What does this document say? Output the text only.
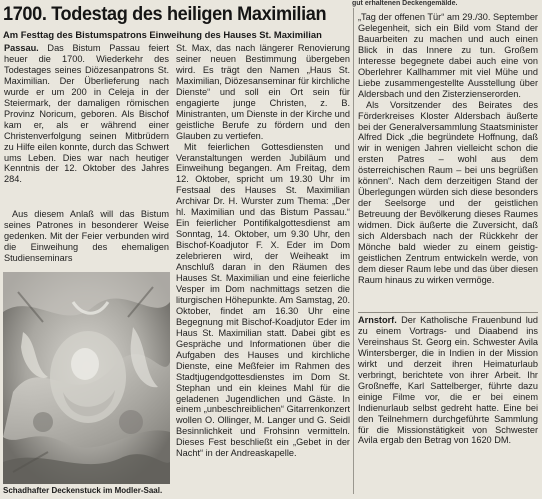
gut erhaltenen Deckengemälde.
1700. Todestag des heiligen Maximilian
Am Festtag des Bistumspatrons Einweihung des Hauses St. Maximilian

Passau. Das Bistum Passau feiert heuer die 1700. Wiederkehr des Todestages seines Diözesanpatrons St. Maximilian. Der Überlieferung nach wurde er um 200 in Celeja in der Steiermark, der damaligen römischen Provinz Noricum, geboren. Als Bischof kam er, als er während einer Christenverfolgung seinen Mitbrüdern zu Hilfe eilen konnte, durch das Schwert ums Leben. Dies war nach heutiger Kenntnis der 12. Oktober des Jahres 284.

Aus diesem Anlaß will das Bistum seines Patrones in besonderer Weise gedenken. Mit der Feier verbunden wird die Einweihung des ehemaligen Studienseminars

Schadhafter Deckenstuck im Modler-Saal.

St. Max, das nach längerer Renovierung seiner neuen Bestimmung übergeben wird. Es trägt den Namen „Haus St. Maximilian, Diözesanseminar für kirchliche Dienste“ und soll ein Ort sein für engagierte junge Christen, z. B. Ministranten, um Dienste in der Kirche und geistliche Berufe zu fördern und den Glauben zu vertiefen.

Mit feierlichen Gottesdiensten und Veranstaltungen werden Jubiläum und Einweihung begangen. Am Freitag, dem 12. Oktober, spricht um 19.30 Uhr im Festsaal des Hauses St. Maximilian Archivar Dr. H. Wurster zum Thema: „Der hl. Maximilian und das Bistum Passau.“ Ein feierlicher Pontifikalgottesdienst am Sonntag, 14. Oktober, um 9.30 Uhr, den Bischof-Koadjutor F. X. Eder im Dom zelebrieren wird, der Weiheakt im Anschluß daran in den Räumen des Hauses St. Maximilian und eine feierliche Vesper im Dom nachmittags setzen die liturgischen Höhepunkte. Am Samstag, 20. Oktober, findet am 16.30 Uhr eine Begegnung mit Bischof-Koadjutor Eder im Haus St. Maximilian statt. Dabei gibt es Gespräche und Informationen über die Aufgaben des Hauses und kirchliche Dienste, eine Meßfeier im Rahmen des Stadtjugendgottesdienstes im Dom St. Stephan und ein kleines Mahl für die geladenen Jugendlichen und Gäste. In einem „unbeschreiblichen“ Gitarrenkonzert wollen O. Ollinger, M. Langer und G. Seidl Besinnlichkeit und Frohsinn vermitteln. Dieses Fest beschließt ein „Gebet in der Nacht“ in der Andreaskapelle.

„Tag der offenen Tür“ am 29./30. September Gelegenheit, sich ein Bild vom Stand der Bauarbeiten zu machen und auch einen Blick in das Innere zu tun. Großem Interesse begegnete dabei auch eine von Oberlehrer Kallhammer mit viel Mühe und Liebe zusammengestellte Ausstellung über Aldersbach und den Zisterzienserorden.

Als Vorsitzender des Beirates des Förderkreises Kloster Aldersbach äußerte bei der Generalversammlung Staatsminister Alfred Dick „die begründete Hoffnung, daß wir in wenigen Jahren vielleicht schon die ersten Patres – wohl aus dem österreichischen Raum – bei uns begrüßen können“. Nach dem derzeitigen Stand der Überlegungen würden sich diese besonders der Seelsorge und der geistlichen Betreuung der Bevölkerung dieses Raumes widmen. Dick äußerte die Zuversicht, daß sich Aldersbach nach der Rückkehr der Mönche bald wieder zu einem geistig-geistlichen Zentrum entwickeln werde, von dem dieser Raum lebe und das über diesen Raum hinaus zu wirken vermöge.

Arnstorf. Der Katholische Frauenbund lud zu einem Vortrags- und Diaabend ins Vereinshaus St. Georg ein. Schwester Avila Wintersberger, die in Indien in der Mission wirkt und derzeit ihren Heimaturlaub verbringt, berichtete von ihrer Arbeit. Ihr Großneffe, Karl Sattelberger, führte dazu einige Filme vor, die er bei einem Indienurlaub selbst gedreht hatte. Eine bei den Teilnehmern durchgeführte Sammlung für die Missionstätigkeit von Schwester Avila ergab den Betrag von 1620 DM.
